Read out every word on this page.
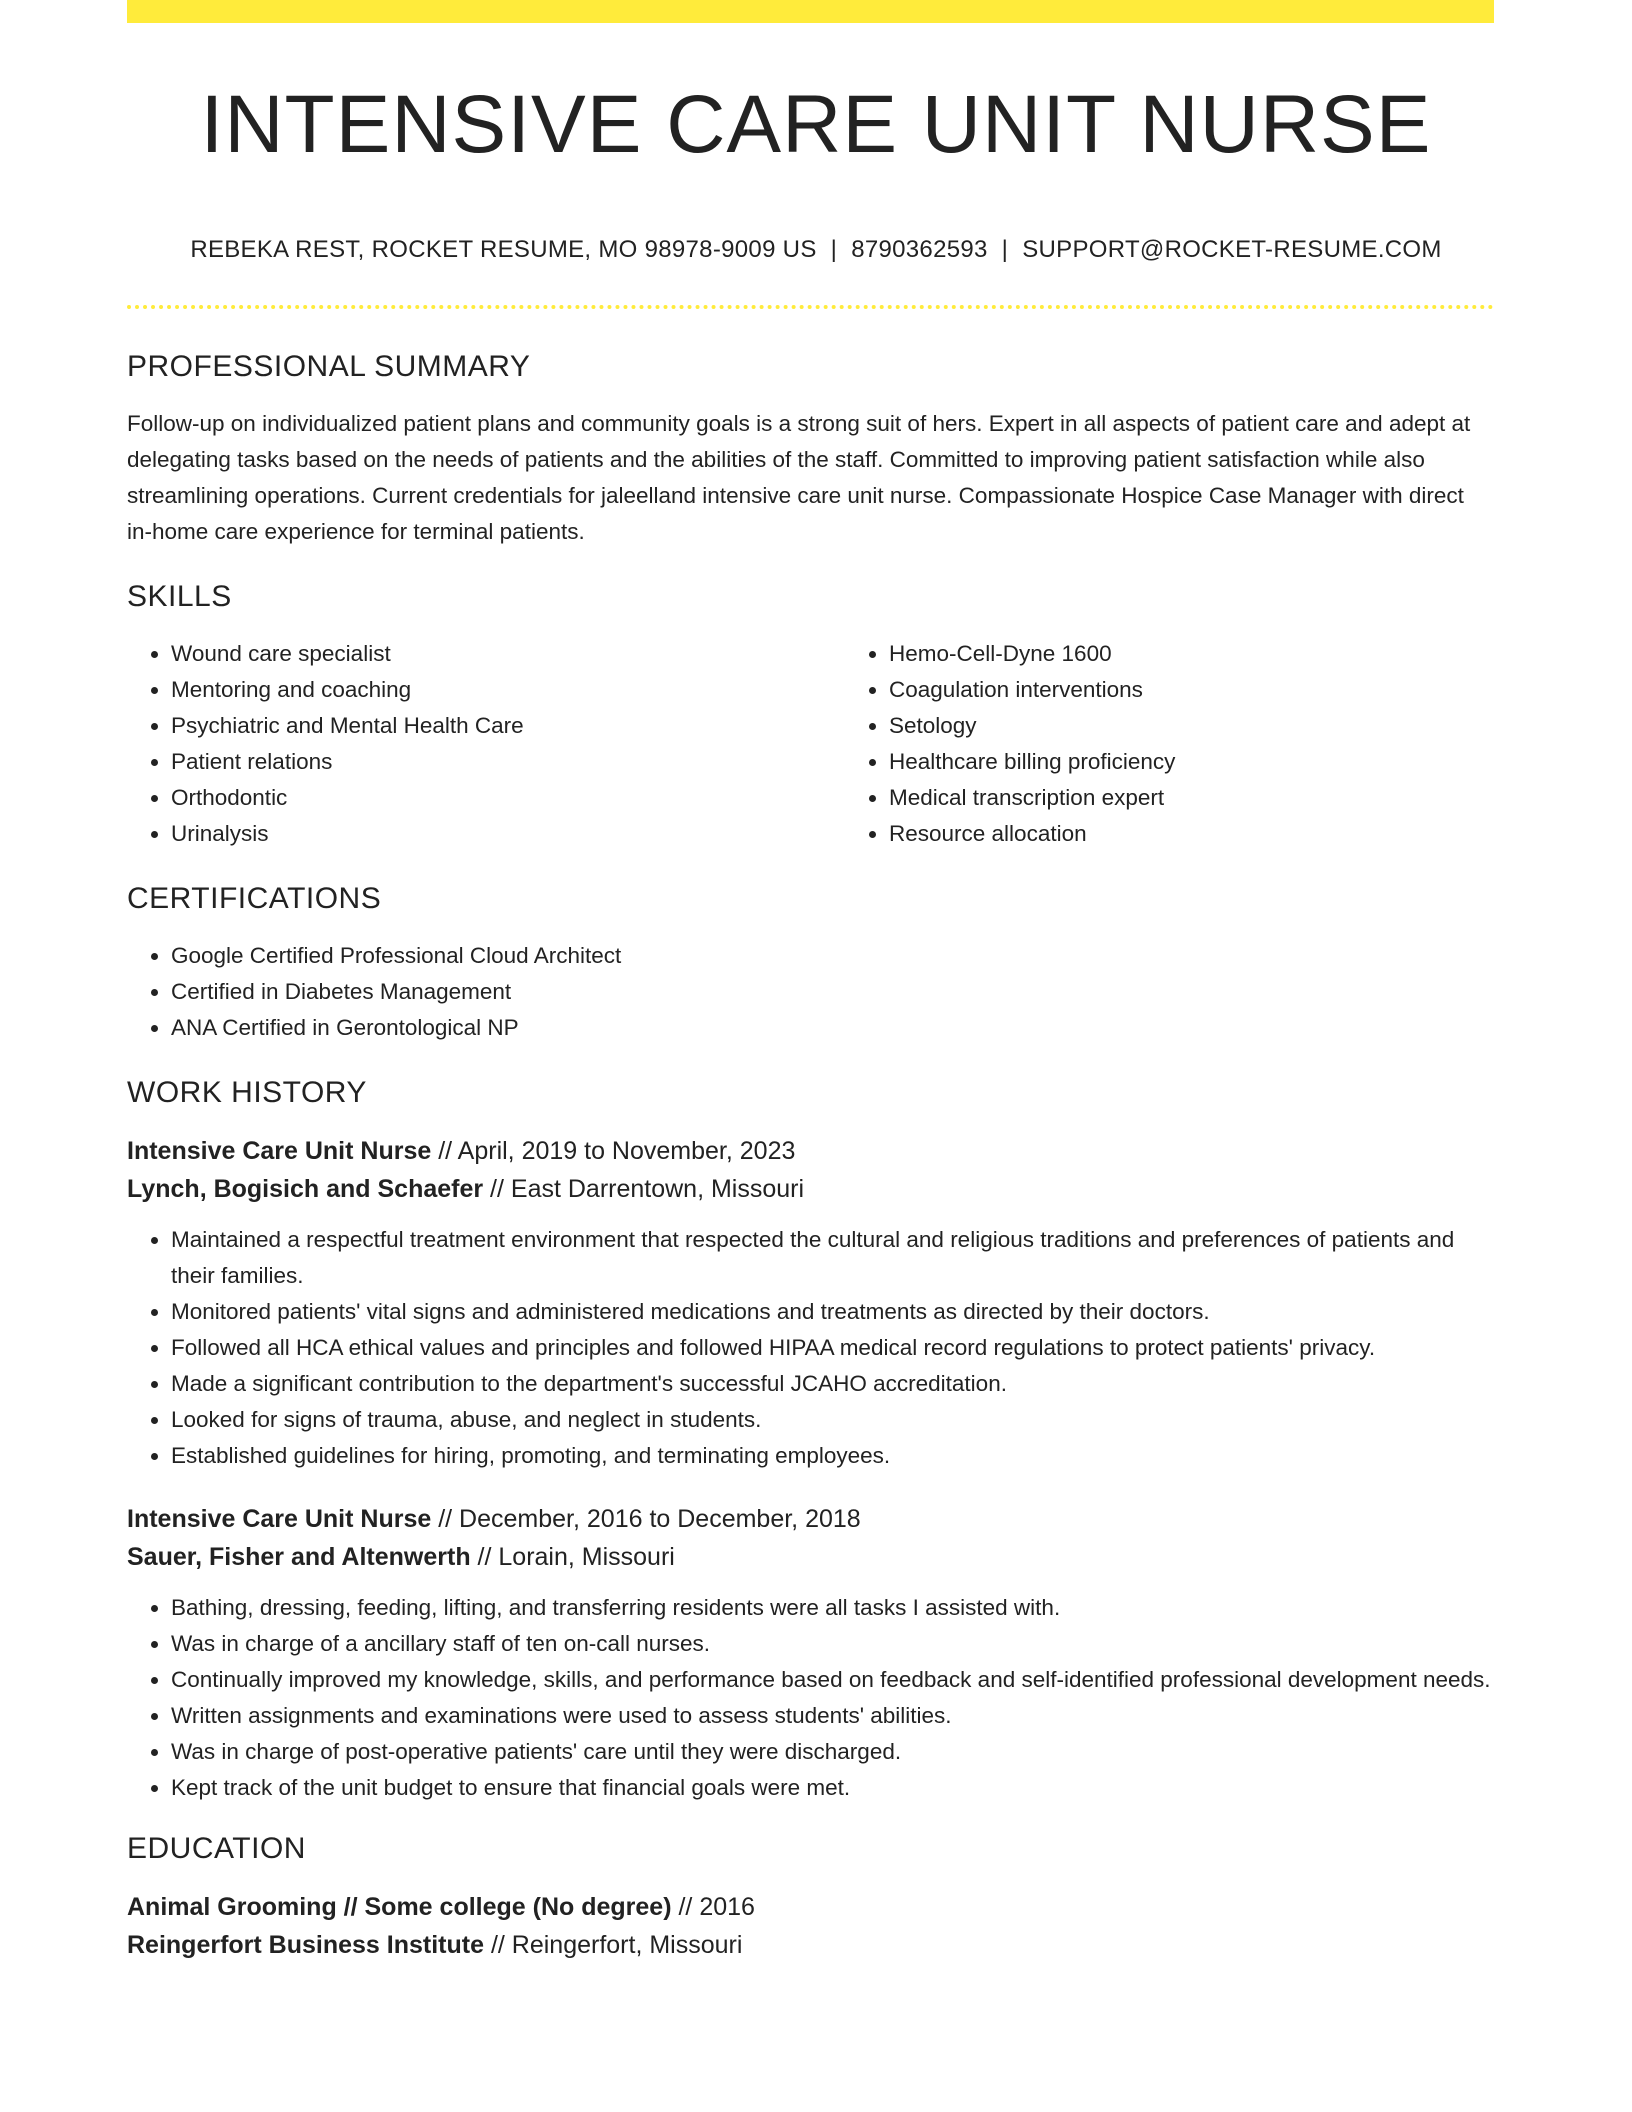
INTENSIVE CARE UNIT NURSE
REBEKA REST, ROCKET RESUME, MO 98978-9009 US | 8790362593 | SUPPORT@ROCKET-RESUME.COM
PROFESSIONAL SUMMARY

Follow-up on individualized patient plans and community goals is a strong suit of hers. Expert in all aspects of patient care and adept at delegating tasks based on the needs of patients and the abilities of the staff. Committed to improving patient satisfaction while also streamlining operations. Current credentials for jaleelland intensive care unit nurse. Compassionate Hospice Case Manager with direct in-home care experience for terminal patients.

SKILLS
• Wound care specialist
• Mentoring and coaching
• Psychiatric and Mental Health Care
• Patient relations
• Orthodontic
• Urinalysis
• Hemo-Cell-Dyne 1600
• Coagulation interventions
• Setology
• Healthcare billing proficiency
• Medical transcription expert
• Resource allocation
CERTIFICATIONS
• Google Certified Professional Cloud Architect
• Certified in Diabetes Management
• ANA Certified in Gerontological NP
WORK HISTORY
Intensive Care Unit Nurse // April, 2019 to November, 2023
Lynch, Bogisich and Schaefer // East Darrentown, Missouri
• Maintained a respectful treatment environment that respected the cultural and religious traditions and preferences of patients and their families.
• Monitored patients' vital signs and administered medications and treatments as directed by their doctors.
• Followed all HCA ethical values and principles and followed HIPAA medical record regulations to protect patients' privacy.
• Made a significant contribution to the department's successful JCAHO accreditation.
• Looked for signs of trauma, abuse, and neglect in students.
• Established guidelines for hiring, promoting, and terminating employees.
Intensive Care Unit Nurse // December, 2016 to December, 2018
Sauer, Fisher and Altenwerth // Lorain, Missouri
• Bathing, dressing, feeding, lifting, and transferring residents were all tasks I assisted with.
• Was in charge of a ancillary staff of ten on-call nurses.
• Continually improved my knowledge, skills, and performance based on feedback and self-identified professional development needs.
• Written assignments and examinations were used to assess students' abilities.
• Was in charge of post-operative patients' care until they were discharged.
• Kept track of the unit budget to ensure that financial goals were met.
EDUCATION
Animal Grooming // Some college (No degree) // 2016
Reingerfort Business Institute // Reingerfort, Missouri
